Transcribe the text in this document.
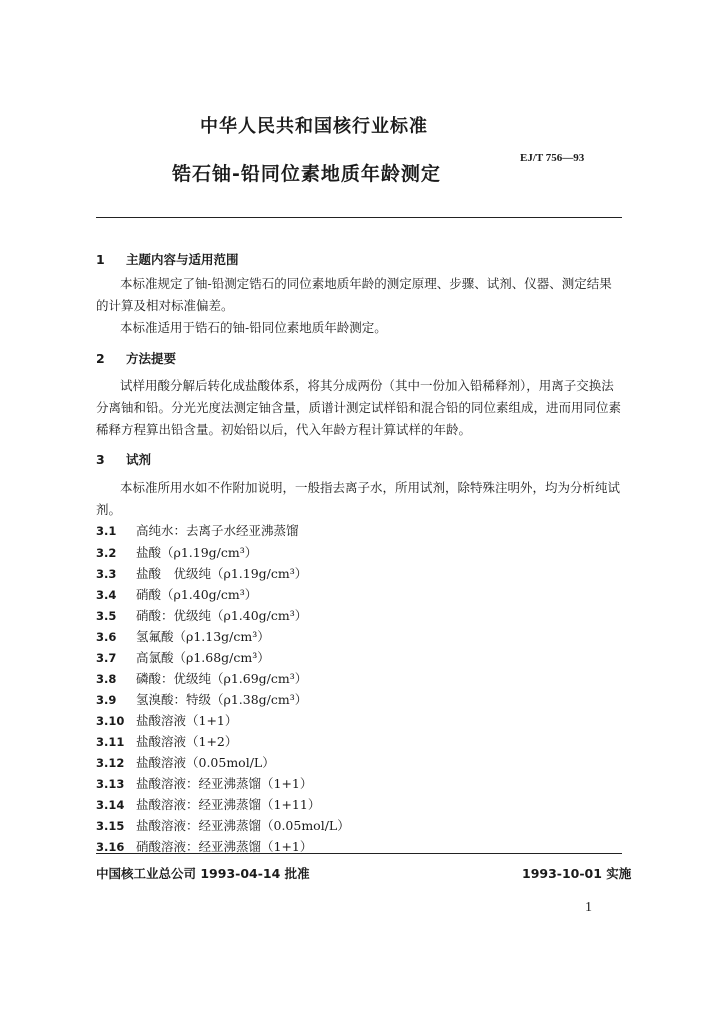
中华人民共和国核行业标准
锆石铀-铅同位素地质年龄测定
EJ/T 756—93
1 主题内容与适用范围
本标准规定了铀-铅测定锆石的同位素地质年龄的测定原理、步骤、试剂、仪器、测定结果的计算及相对标准偏差。
本标准适用于锆石的铀-铅同位素地质年龄测定。
2 方法提要
试样用酸分解后转化成盐酸体系，将其分成两份（其中一份加入铅稀释剂），用离子交换法分离铀和铅。分光光度法测定铀含量，质谱计测定试样铅和混合铅的同位素组成，进而用同位素稀释方程算出铅含量。初始铅以后，代入年龄方程计算试样的年龄。
3 试剂
本标准所用水如不作附加说明，一般指去离子水，所用试剂，除特殊注明外，均为分析纯试剂。
3.1 高纯水：去离子水经亚沸蒸馏
3.2 盐酸（ρ1.19g/cm³）
3.3 盐酸　优级纯（ρ1.19g/cm³）
3.4 硝酸（ρ1.40g/cm³）
3.5 硝酸：优级纯（ρ1.40g/cm³）
3.6 氢氟酸（ρ1.13g/cm³）
3.7 高氯酸（ρ1.68g/cm³）
3.8 磷酸：优级纯（ρ1.69g/cm³）
3.9 氢溴酸：特级（ρ1.38g/cm³）
3.10 盐酸溶液（1+1）
3.11 盐酸溶液（1+2）
3.12 盐酸溶液（0.05mol/L）
3.13 盐酸溶液：经亚沸蒸馏（1+1）
3.14 盐酸溶液：经亚沸蒸馏（1+11）
3.15 盐酸溶液：经亚沸蒸馏（0.05mol/L）
3.16 硝酸溶液：经亚沸蒸馏（1+1）
中国核工业总公司 1993-04-14 批准	1993-10-01 实施
1
